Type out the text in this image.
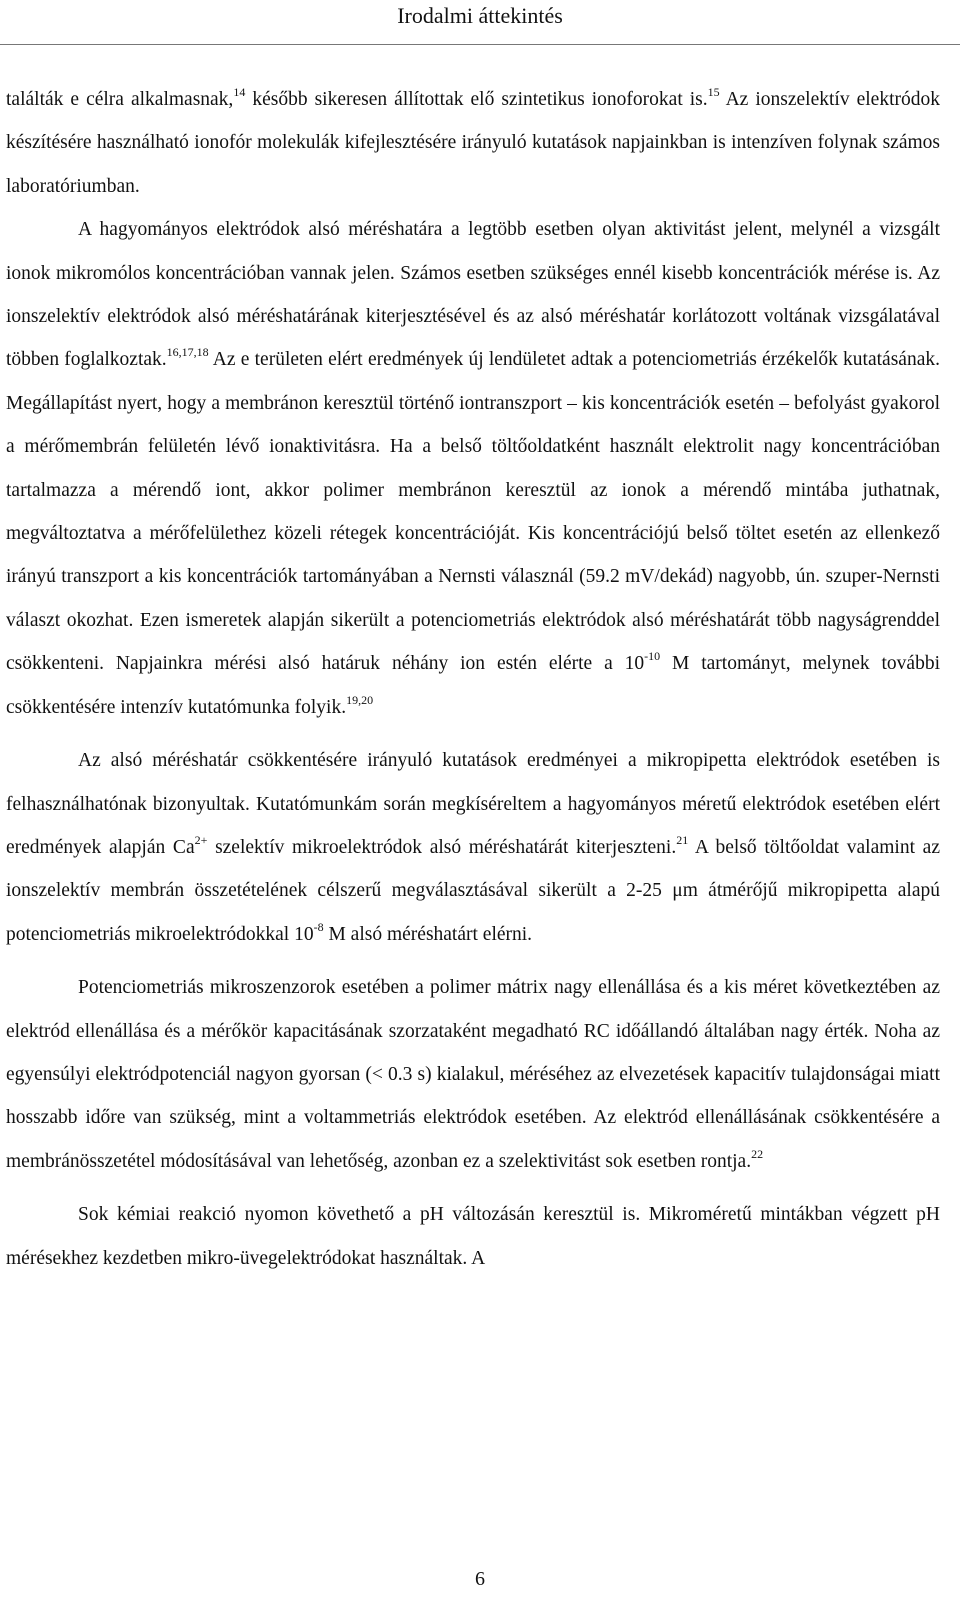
Irodalmi áttekintés

találták e célra alkalmasnak,$^{14}$ később sikeresen állítottak elő szintetikus ionoforokat is.$^{15}$ Az ionszelektív elektródok készítésére használható ionofór molekulák kifejlesztésére irányuló kutatások napjainkban is intenzíven folynak számos laboratóriumban.

A hagyományos elektródok alsó méréshatára a legtöbb esetben olyan aktivitást jelent, melynél a vizsgált ionok mikromólos koncentrációban vannak jelen. Számos esetben szükséges ennél kisebb koncentrációk mérése is. Az ionszelektív elektródok alsó méréshatárának kiterjesztésével és az alsó méréshatár korlátozott voltának vizsgálatával többen foglalkoztak.$^{16,17,18}$ Az e területen elért eredmények új lendületet adtak a potenciometriás érzékelők kutatásának. Megállapítást nyert, hogy a membránon keresztül történő iontranszport – kis koncentrációk esetén – befolyást gyakorol a mérőmembrán felületén lévő ionaktivitásra. Ha a belső töltőoldatként használt elektrolit nagy koncentrációban tartalmazza a mérendő iont, akkor polimer membránon keresztül az ionok a mérendő mintába juthatnak, megváltoztatva a mérőfelülethez közeli rétegek koncentrációját. Kis koncentrációjú belső töltet esetén az ellenkező irányú transzport a kis koncentrációk tartományában a Nernsti válasznál (59.2 mV/dekád) nagyobb, ún. szuper-Nernsti választ okozhat. Ezen ismeretek alapján sikerült a potenciometriás elektródok alsó méréshatárát több nagyságrenddel csökkenteni. Napjainkra mérési alsó határuk néhány ion estén elérte a $10^{-10}$ M tartományt, melynek további csökkentésére intenzív kutatómunka folyik.$^{19,20}$

Az alsó méréshatár csökkentésére irányuló kutatások eredményei a mikropipetta elektródok esetében is felhasználhatónak bizonyultak. Kutatómunkám során megkíséreltem a hagyományos méretű elektródok esetében elért eredmények alapján $Ca^{2+}$ szelektív mikroelektródok alsó méréshatárát kiterjeszteni.$^{21}$ A belső töltőoldat valamint az ionszelektív membrán összetételének célszerű megválasztásával sikerült a 2-25 μm átmérőjű mikropipetta alapú potenciometriás mikroelektródokkal $10^{-8}$ M alsó méréshatárt elérni.

Potenciometriás mikroszenzorok esetében a polimer mátrix nagy ellenállása és a kis méret következtében az elektród ellenállása és a mérőkör kapacitásának szorzataként megadható RC időállandó általában nagy érték. Noha az egyensúlyi elektródpotenciál nagyon gyorsan (< 0.3 s) kialakul, méréséhez az elvezetések kapacitív tulajdonságai miatt hosszabb időre van szükség, mint a voltammetriás elektródok esetében. Az elektród ellenállásának csökkentésére a membránösszetétel módosításával van lehetőség, azonban ez a szelektivitást sok esetben rontja.$^{22}$

Sok kémiai reakció nyomon követhető a pH változásán keresztül is. Mikroméretű mintákban végzett pH mérésekhez kezdetben mikro-üvegelektródokat használtak. A

6
